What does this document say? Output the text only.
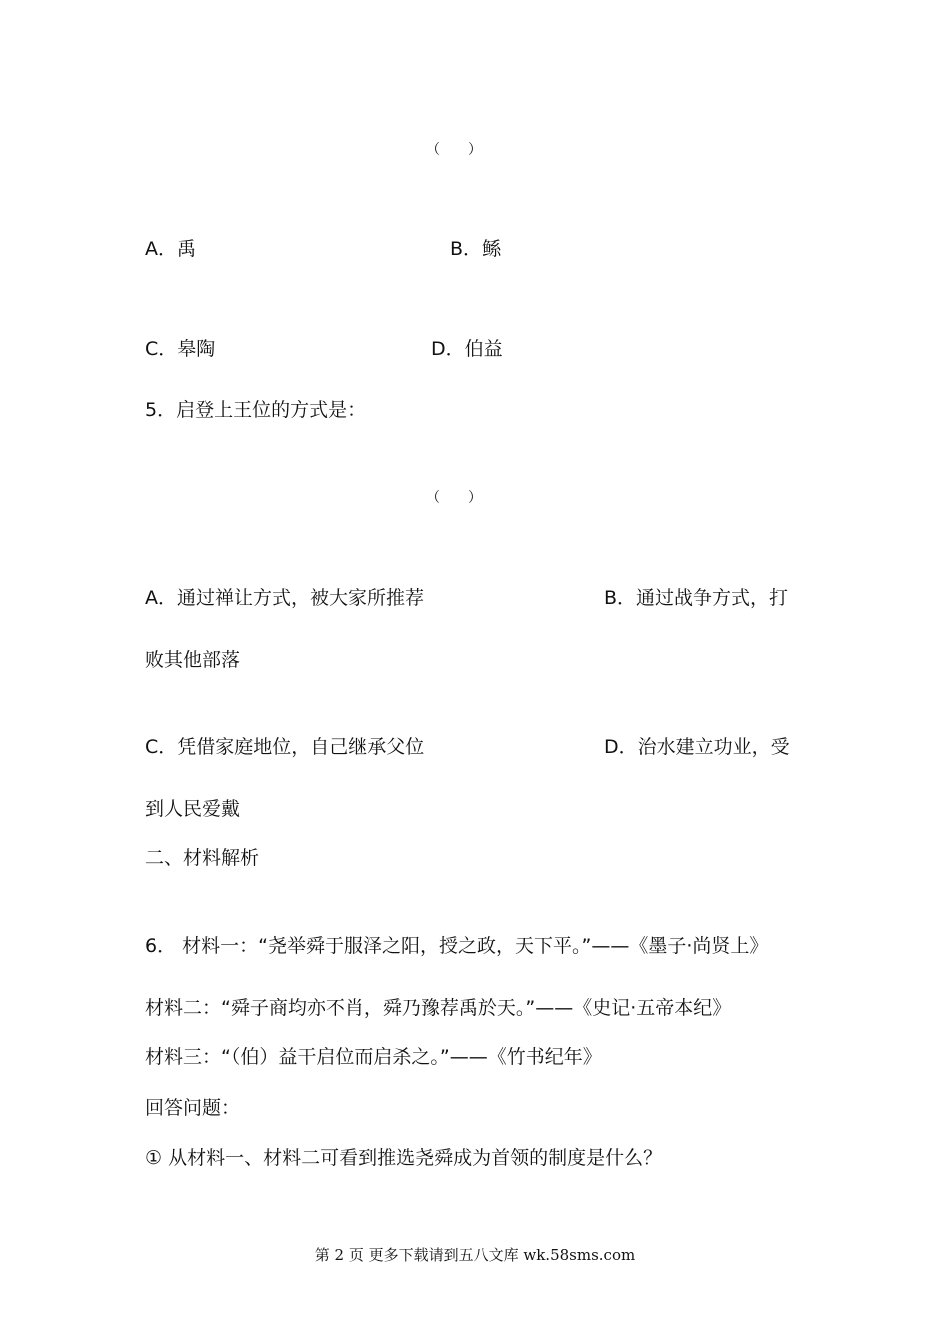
（　　）
A．禹	B．鲧
C．皋陶	D．伯益
5．启登上王位的方式是：
（　　）
A．通过禅让方式，被大家所推荐	B．通过战争方式，打
败其他部落
C．凭借家庭地位，自己继承父位	D．治水建立功业，受
到人民爱戴
二、材料解析
6． 材料一：“尧举舜于服泽之阳，授之政，天下平。”——《墨子·尚贤上》
材料二：“舜子商均亦不肖，舜乃豫荐禹於天。”——《史记·五帝本纪》
材料三：“（伯）益干启位而启杀之。”——《竹书纪年》
回答问题：
① 从材料一、材料二可看到推选尧舜成为首领的制度是什么？
第 2 页 更多下载请到五八文库 wk.58sms.com
